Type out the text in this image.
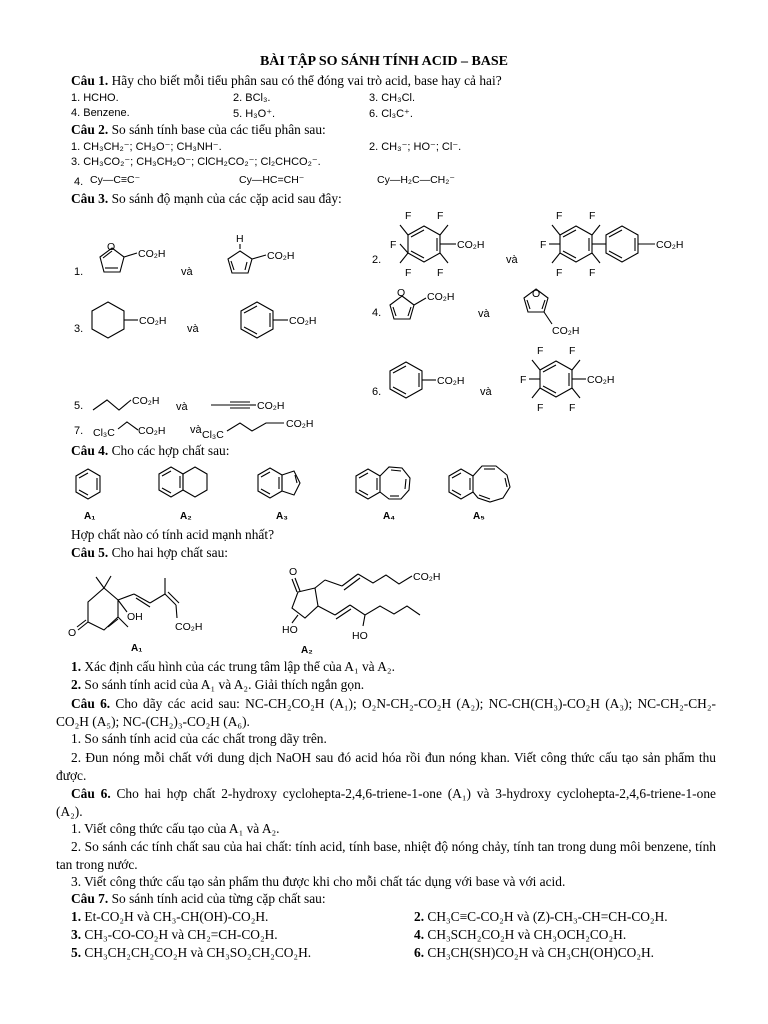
BÀI TẬP SO SÁNH TÍNH ACID – BASE
Câu 1. Hãy cho biết mỗi tiểu phân sau có thể đóng vai trò acid, base hay cả hai?
1. HCHO.	2. BCl₃.	3. CH₃Cl.
4. Benzene.	5. H₃O⁺.	6. Cl₃C⁺.
Câu 2. So sánh tính base của các tiểu phân sau:
1. CH₃CH₂⁻; CH₃O⁻; CH₃NH⁻.	2. CH₃⁻; HO⁻; Cl⁻.
3. CH₃CO₂⁻; CH₃CH₂O⁻; ClCH₂CO₂⁻; Cl₂CHCO₂⁻.
4. Cy—C≡C⁻	Cy—HC=CH⁻	Cy—H₂C—CH₂⁻
Câu 3. So sánh độ mạnh của các cặp acid sau đây:
1.	và
2.	và
3.	và
4.	và
5.	và
6.	và
7.	và
O
CO₂H
H
CO₂H
F F
F
F F
CO₂H
F	F
F
F	F
CO₂H
CO₂H	CO₂H
O CO₂H	O
CO₂H
CO₂H	CO₂H
CO₂H
F F
F
F F
CO₂H
Cl₃C CO₂H	Cl₃C
CO₂H
Câu 4. Cho các hợp chất sau:
A₁	A₂	A₃	A₄	A₅
Hợp chất nào có tính acid mạnh nhất?
Câu 5. Cho hai hợp chất sau:
O
OH
CO₂H
O
HO
CO₂H
HO
A₁	A₂
1. Xác định cấu hình của các trung tâm lập thể của A₁ và A₂.
2. So sánh tính acid của A₁ và A₂. Giải thích ngắn gọn.
Câu 6. Cho dãy các acid sau: NC-CH₂CO₂H (A₁); O₂N-CH₂-CO₂H (A₂); NC-CH(CH₃)-CO₂H (A₃); NC-CH₂-CH₂-CO₂H (A₅); NC-(CH₂)₃-CO₂H (A₆).
1. So sánh tính acid của các chất trong dãy trên.
2. Đun nóng mỗi chất với dung dịch NaOH sau đó acid hóa rồi đun nóng khan. Viết công thức cấu tạo sản phẩm thu được.
Câu 6. Cho hai hợp chất 2-hydroxy cyclohepta-2,4,6-triene-1-one (A₁) và 3-hydroxy cyclohepta-2,4,6-triene-1-one (A₂).
1. Viết công thức cấu tạo của A₁ và A₂.
2. So sánh các tính chất sau của hai chất: tính acid, tính base, nhiệt độ nóng chảy, tính tan trong dung môi benzene, tính tan trong nước.
3. Viết công thức cấu tạo sản phẩm thu được khi cho mỗi chất tác dụng với base và với acid.
Câu 7. So sánh tính acid của từng cặp chất sau:
1. Et-CO₂H và CH₃-CH(OH)-CO₂H.	2. CH₃C≡C-CO₂H và (Z)-CH₃-CH=CH-CO₂H.
3. CH₃-CO-CO₂H và CH₂=CH-CO₂H.	4. CH₃SCH₂CO₂H và CH₃OCH₂CO₂H.
5. CH₃CH₂CH₂CO₂H và CH₃SO₂CH₂CO₂H.	6. CH₃CH(SH)CO₂H và CH₃CH(OH)CO₂H.
